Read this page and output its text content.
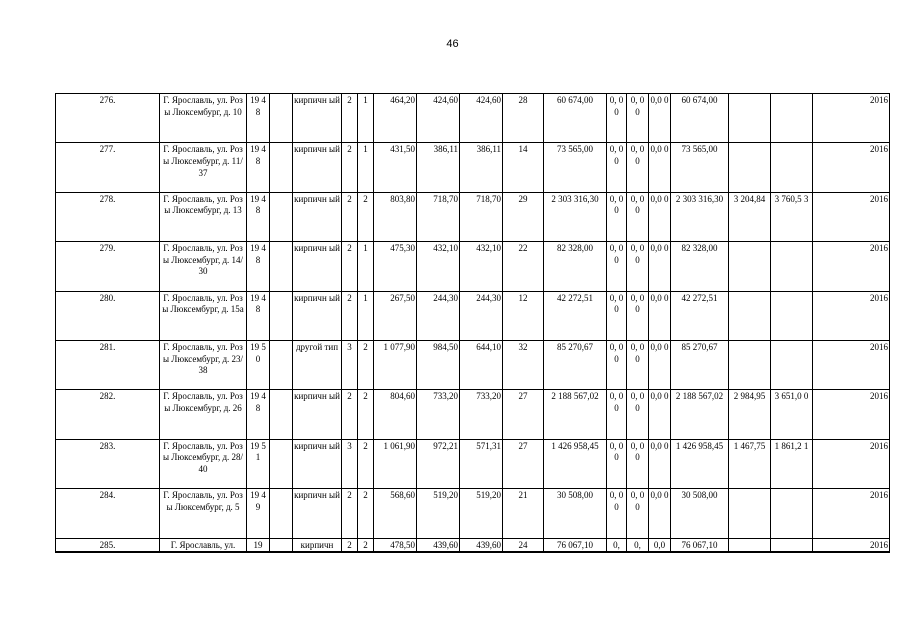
46
276.	Г. Ярославль, ул. Розы Люксембург, д. 10	19 48		кирпичн ый	2	1	464,20	424,60	424,60	28	60 674,00	0, 0 0	0, 0 0	0,0 0	60 674,00			2016
277.	Г. Ярославль, ул. Розы Люксембург, д. 11/37	19 48		кирпичн ый	2	1	431,50	386,11	386,11	14	73 565,00	0, 0 0	0, 0 0	0,0 0	73 565,00			2016
278.	Г. Ярославль, ул. Розы Люксембург, д. 13	19 48		кирпичн ый	2	2	803,80	718,70	718,70	29	2 303 316,30	0, 0 0	0, 0 0	0,0 0	2 303 316,30	3 204,84	3 760,5 3	2016
279.	Г. Ярославль, ул. Розы Люксембург, д. 14/30	19 48		кирпичн ый	2	1	475,30	432,10	432,10	22	82 328,00	0, 0 0	0, 0 0	0,0 0	82 328,00			2016
280.	Г. Ярославль, ул. Розы Люксембург, д. 15а	19 48		кирпичн ый	2	1	267,50	244,30	244,30	12	42 272,51	0, 0 0	0, 0 0	0,0 0	42 272,51			2016
281.	Г. Ярославль, ул. Розы Люксембург, д. 23/38	19 50		другой тип	3	2	1 077,90	984,50	644,10	32	85 270,67	0, 0 0	0, 0 0	0,0 0	85 270,67			2016
282.	Г. Ярославль, ул. Розы Люксембург, д. 26	19 48		кирпичн ый	2	2	804,60	733,20	733,20	27	2 188 567,02	0, 0 0	0, 0 0	0,0 0	2 188 567,02	2 984,95	3 651,0 0	2016
283.	Г. Ярославль, ул. Розы Люксембург, д. 28/40	19 51		кирпичн ый	3	2	1 061,90	972,21	571,31	27	1 426 958,45	0, 0 0	0, 0 0	0,0 0	1 426 958,45	1 467,75	1 861,2 1	2016
284.	Г. Ярославль, ул. Розы Люксембург, д. 5	19 49		кирпичн ый	2	2	568,60	519,20	519,20	21	30 508,00	0, 0 0	0, 0 0	0,0 0	30 508,00			2016
285.	Г. Ярославль, ул.	19		кирпичн	2	2	478,50	439,60	439,60	24	76 067,10	0,	0,	0,0	76 067,10			2016
